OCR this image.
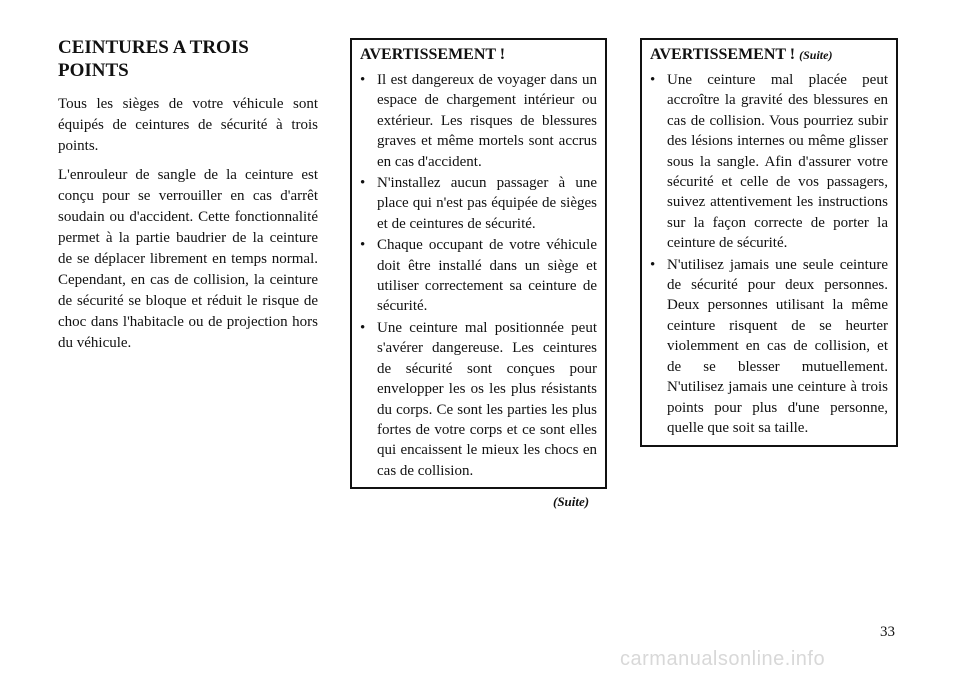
CEINTURES A TROIS POINTS

Tous les sièges de votre véhicule sont équipés de ceintures de sécurité à trois points.

L'enrouleur de sangle de la ceinture est conçu pour se verrouiller en cas d'arrêt soudain ou d'accident. Cette fonctionnalité permet à la partie baudrier de la ceinture de se déplacer librement en temps normal. Cependant, en cas de collision, la ceinture de sécurité se bloque et réduit le risque de choc dans l'habitacle ou de projection hors du véhicule.

AVERTISSEMENT !
• Il est dangereux de voyager dans un espace de chargement intérieur ou extérieur. Les risques de blessures graves et même mortels sont accrus en cas d'accident.
• N'installez aucun passager à une place qui n'est pas équipée de sièges et de ceintures de sécurité.
• Chaque occupant de votre véhicule doit être installé dans un siège et utiliser correctement sa ceinture de sécurité.
• Une ceinture mal positionnée peut s'avérer dangereuse. Les ceintures de sécurité sont conçues pour envelopper les os les plus résistants du corps. Ce sont les parties les plus fortes de votre corps et ce sont elles qui encaissent le mieux les chocs en cas de collision.
(Suite)
AVERTISSEMENT ! (Suite)
• Une ceinture mal placée peut accroître la gravité des blessures en cas de collision. Vous pourriez subir des lésions internes ou même glisser sous la sangle. Afin d'assurer votre sécurité et celle de vos passagers, suivez attentivement les instructions sur la façon correcte de porter la ceinture de sécurité.
• N'utilisez jamais une seule ceinture de sécurité pour deux personnes. Deux personnes utilisant la même ceinture risquent de se heurter violemment en cas de collision, et de se blesser mutuellement. N'utilisez jamais une ceinture à trois points pour plus d'une personne, quelle que soit sa taille.
33
carmanualsonline.info
